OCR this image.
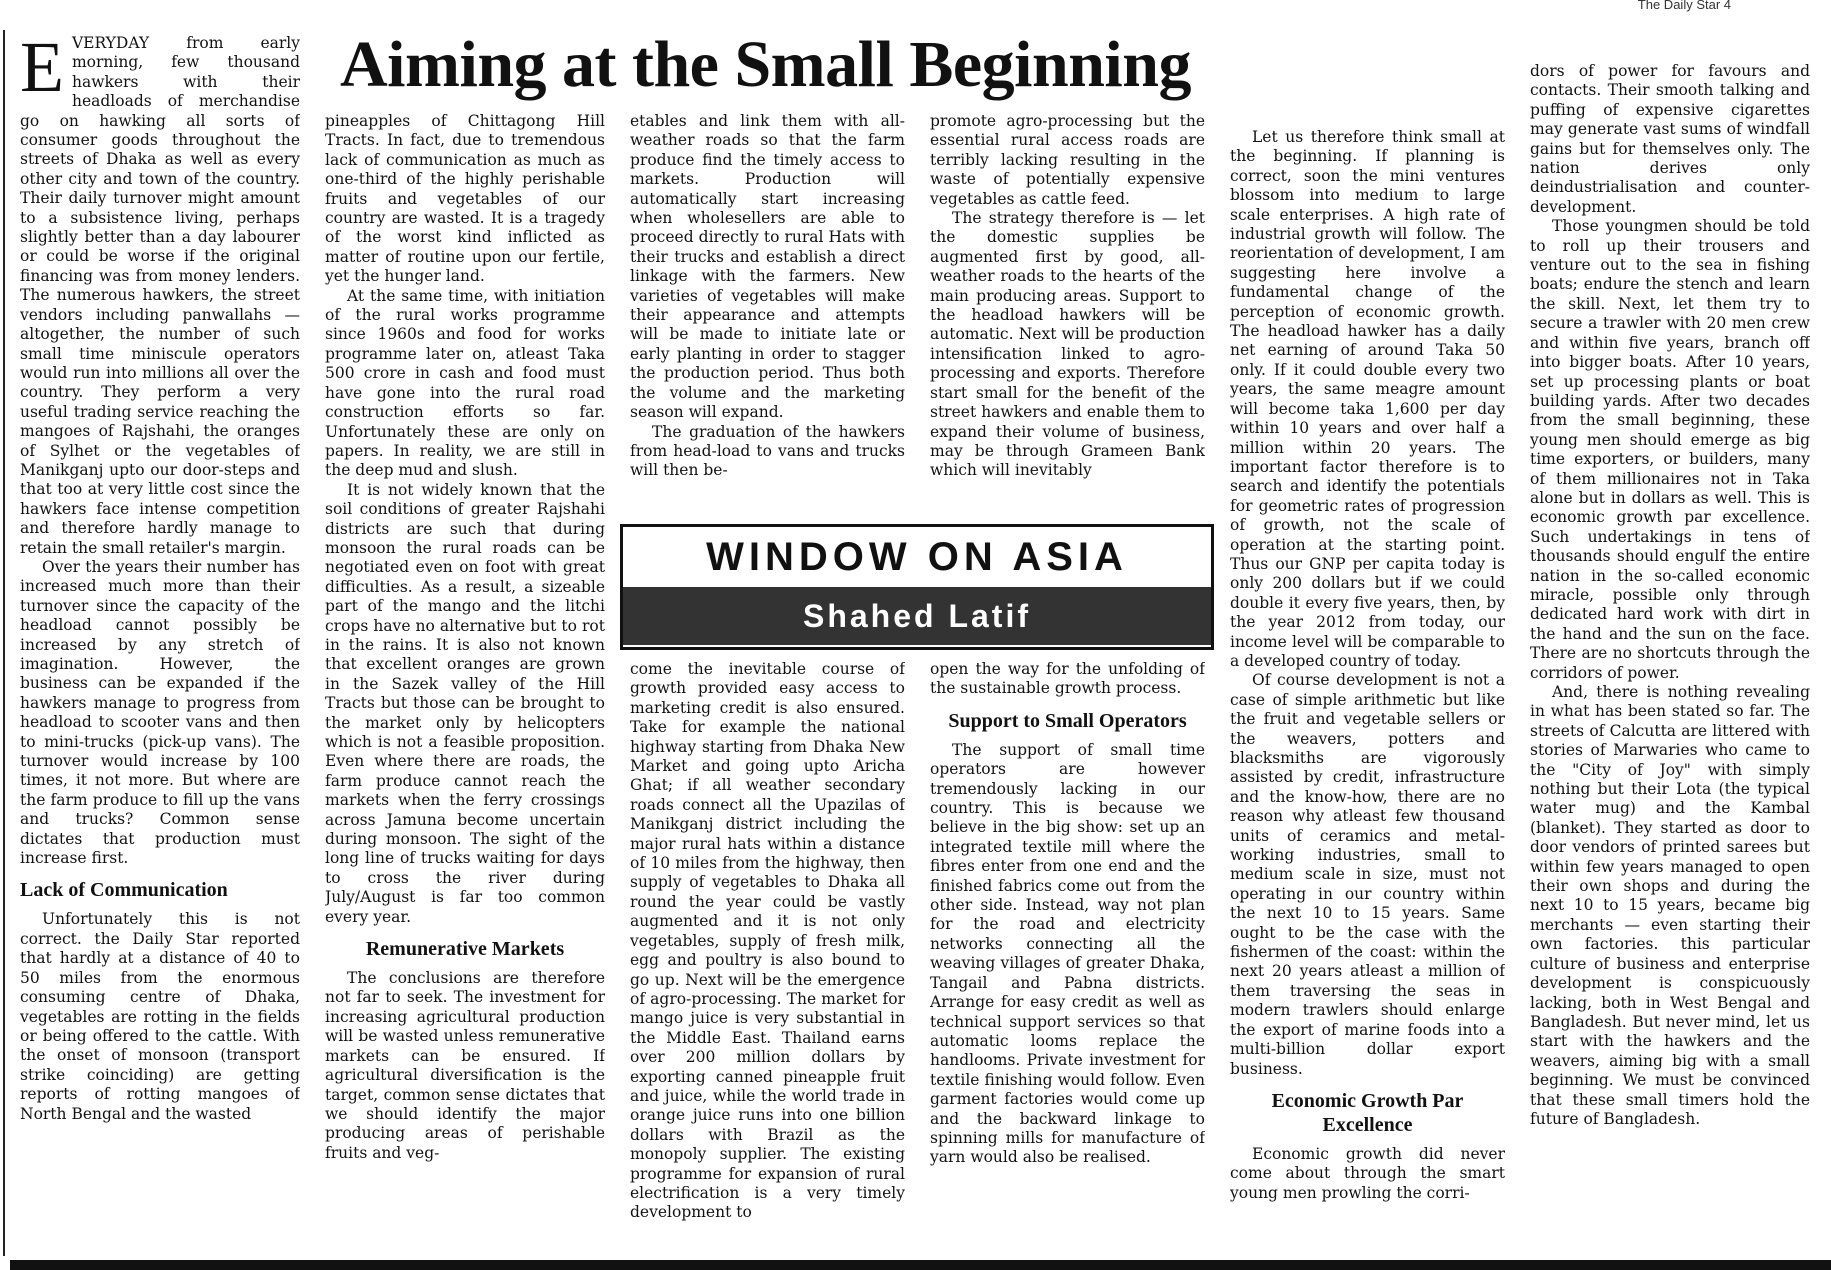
The Daily Star 4
Aiming at the Small Beginning

EVERYDAY from early morning, few thousand hawkers with their headloads of merchandise go on hawking all sorts of consumer goods throughout the streets of Dhaka as well as every other city and town of the country. Their daily turnover might amount to a subsistence living, perhaps slightly better than a day labourer or could be worse if the original financing was from money lenders. The numerous hawkers, the street vendors including panwallahs — altogether, the number of such small time miniscule operators would run into millions all over the country. They perform a very useful trading service reaching the mangoes of Rajshahi, the oranges of Sylhet or the vegetables of Manikganj upto our door-steps and that too at very little cost since the hawkers face intense competition and therefore hardly manage to retain the small retailer's margin.

Over the years their number has increased much more than their turnover since the capacity of the headload cannot possibly be increased by any stretch of imagination. However, the business can be expanded if the hawkers manage to progress from headload to scooter vans and then to mini-trucks (pick-up vans). The turnover would increase by 100 times, it not more. But where are the farm produce to fill up the vans and trucks? Common sense dictates that production must increase first.

Lack of Communication

Unfortunately this is not correct. the Daily Star reported that hardly at a distance of 40 to 50 miles from the enormous consuming centre of Dhaka, vegetables are rotting in the fields or being offered to the cattle. With the onset of monsoon (transport strike coinciding) are getting reports of rotting mangoes of North Bengal and the wasted

pineapples of Chittagong Hill Tracts. In fact, due to tremendous lack of communication as much as one-third of the highly perishable fruits and vegetables of our country are wasted. It is a tragedy of the worst kind inflicted as matter of routine upon our fertile, yet the hunger land.

At the same time, with initiation of the rural works programme since 1960s and food for works programme later on, atleast Taka 500 crore in cash and food must have gone into the rural road construction efforts so far. Unfortunately these are only on papers. In reality, we are still in the deep mud and slush.

It is not widely known that the soil conditions of greater Rajshahi districts are such that during monsoon the rural roads can be negotiated even on foot with great difficulties. As a result, a sizeable part of the mango and the litchi crops have no alternative but to rot in the rains. It is also not known that excellent oranges are grown in the Sazek valley of the Hill Tracts but those can be brought to the market only by helicopters which is not a feasible proposition. Even where there are roads, the farm produce cannot reach the markets when the ferry crossings across Jamuna become uncertain during monsoon. The sight of the long line of trucks waiting for days to cross the river during July/August is far too common every year.

Remunerative Markets

The conclusions are therefore not far to seek. The investment for increasing agricultural production will be wasted unless remunerative markets can be ensured. If agricultural diversification is the target, common sense dictates that we should identify the major producing areas of perishable fruits and veg-

etables and link them with all-weather roads so that the farm produce find the timely access to markets. Production will automatically start increasing when wholesellers are able to proceed directly to rural Hats with their trucks and establish a direct linkage with the farmers. New varieties of vegetables will make their appearance and attempts will be made to initiate late or early planting in order to stagger the production period. Thus both the volume and the marketing season will expand.

The graduation of the hawkers from head-load to vans and trucks will then be-

promote agro-processing but the essential rural access roads are terribly lacking resulting in the waste of potentially expensive vegetables as cattle feed.

The strategy therefore is — let the domestic supplies be augmented first by good, all-weather roads to the hearts of the main producing areas. Support to the headload hawkers will be automatic. Next will be production intensification linked to agro-processing and exports. Therefore start small for the benefit of the street hawkers and enable them to expand their volume of business, may be through Grameen Bank which will inevitably

WINDOW ON ASIA
Shahed Latif

come the inevitable course of growth provided easy access to marketing credit is also ensured. Take for example the national highway starting from Dhaka New Market and going upto Aricha Ghat; if all weather secondary roads connect all the Upazilas of Manikganj district including the major rural hats within a distance of 10 miles from the highway, then supply of vegetables to Dhaka all round the year could be vastly augmented and it is not only vegetables, supply of fresh milk, egg and poultry is also bound to go up. Next will be the emergence of agro-processing. The market for mango juice is very substantial in the Middle East. Thailand earns over 200 million dollars by exporting canned pineapple fruit and juice, while the world trade in orange juice runs into one billion dollars with Brazil as the monopoly supplier. The existing programme for expansion of rural electrification is a very timely development to

open the way for the unfolding of the sustainable growth process.

Support to Small Operators

The support of small time operators are however tremendously lacking in our country. This is because we believe in the big show: set up an integrated textile mill where the fibres enter from one end and the finished fabrics come out from the other side. Instead, way not plan for the road and electricity networks connecting all the weaving villages of greater Dhaka, Tangail and Pabna districts. Arrange for easy credit as well as technical support services so that automatic looms replace the handlooms. Private investment for textile finishing would follow. Even garment factories would come up and the backward linkage to spinning mills for manufacture of yarn would also be realised.

Let us therefore think small at the beginning. If planning is correct, soon the mini ventures blossom into medium to large scale enterprises. A high rate of industrial growth will follow. The reorientation of development, I am suggesting here involve a fundamental change of the perception of economic growth. The headload hawker has a daily net earning of around Taka 50 only. If it could double every two years, the same meagre amount will become taka 1,600 per day within 10 years and over half a million within 20 years. The important factor therefore is to search and identify the potentials for geometric rates of progression of growth, not the scale of operation at the starting point. Thus our GNP per capita today is only 200 dollars but if we could double it every five years, then, by the year 2012 from today, our income level will be comparable to a developed country of today.

Of course development is not a case of simple arithmetic but like the fruit and vegetable sellers or the weavers, potters and blacksmiths are vigorously assisted by credit, infrastructure and the know-how, there are no reason why atleast few thousand units of ceramics and metal-working industries, small to medium scale in size, must not operating in our country within the next 10 to 15 years. Same ought to be the case with the fishermen of the coast: within the next 20 years atleast a million of them traversing the seas in modern trawlers should enlarge the export of marine foods into a multi-billion dollar export business.

Economic Growth Par Excellence

Economic growth did never come about through the smart young men prowling the corri-

dors of power for favours and contacts. Their smooth talking and puffing of expensive cigarettes may generate vast sums of windfall gains but for themselves only. The nation derives only deindustrialisation and counter-development.

Those youngmen should be told to roll up their trousers and venture out to the sea in fishing boats; endure the stench and learn the skill. Next, let them try to secure a trawler with 20 men crew and within five years, branch off into bigger boats. After 10 years, set up processing plants or boat building yards. After two decades from the small beginning, these young men should emerge as big time exporters, or builders, many of them millionaires not in Taka alone but in dollars as well. This is economic growth par excellence. Such undertakings in tens of thousands should engulf the entire nation in the so-called economic miracle, possible only through dedicated hard work with dirt in the hand and the sun on the face. There are no shortcuts through the corridors of power.

And, there is nothing revealing in what has been stated so far. The streets of Calcutta are littered with stories of Marwaries who came to the "City of Joy" with simply nothing but their Lota (the typical water mug) and the Kambal (blanket). They started as door to door vendors of printed sarees but within few years managed to open their own shops and during the next 10 to 15 years, became big merchants — even starting their own factories. this particular culture of business and enterprise development is conspicuously lacking, both in West Bengal and Bangladesh. But never mind, let us start with the hawkers and the weavers, aiming big with a small beginning. We must be convinced that these small timers hold the future of Bangladesh.
